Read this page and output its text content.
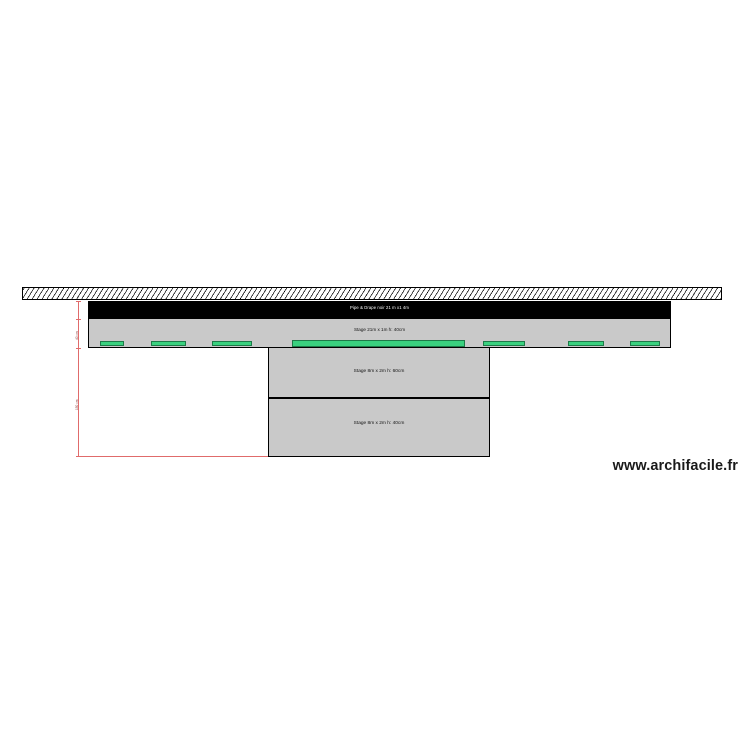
Pipe & Drape noir 21 m x1 4m
Stage 21m x 1m h: 40cm
Stage 8m x 2m h: 60cm
Stage 8m x 2m h: 40cm
40 cm
150 cm
www.archifacile.fr
